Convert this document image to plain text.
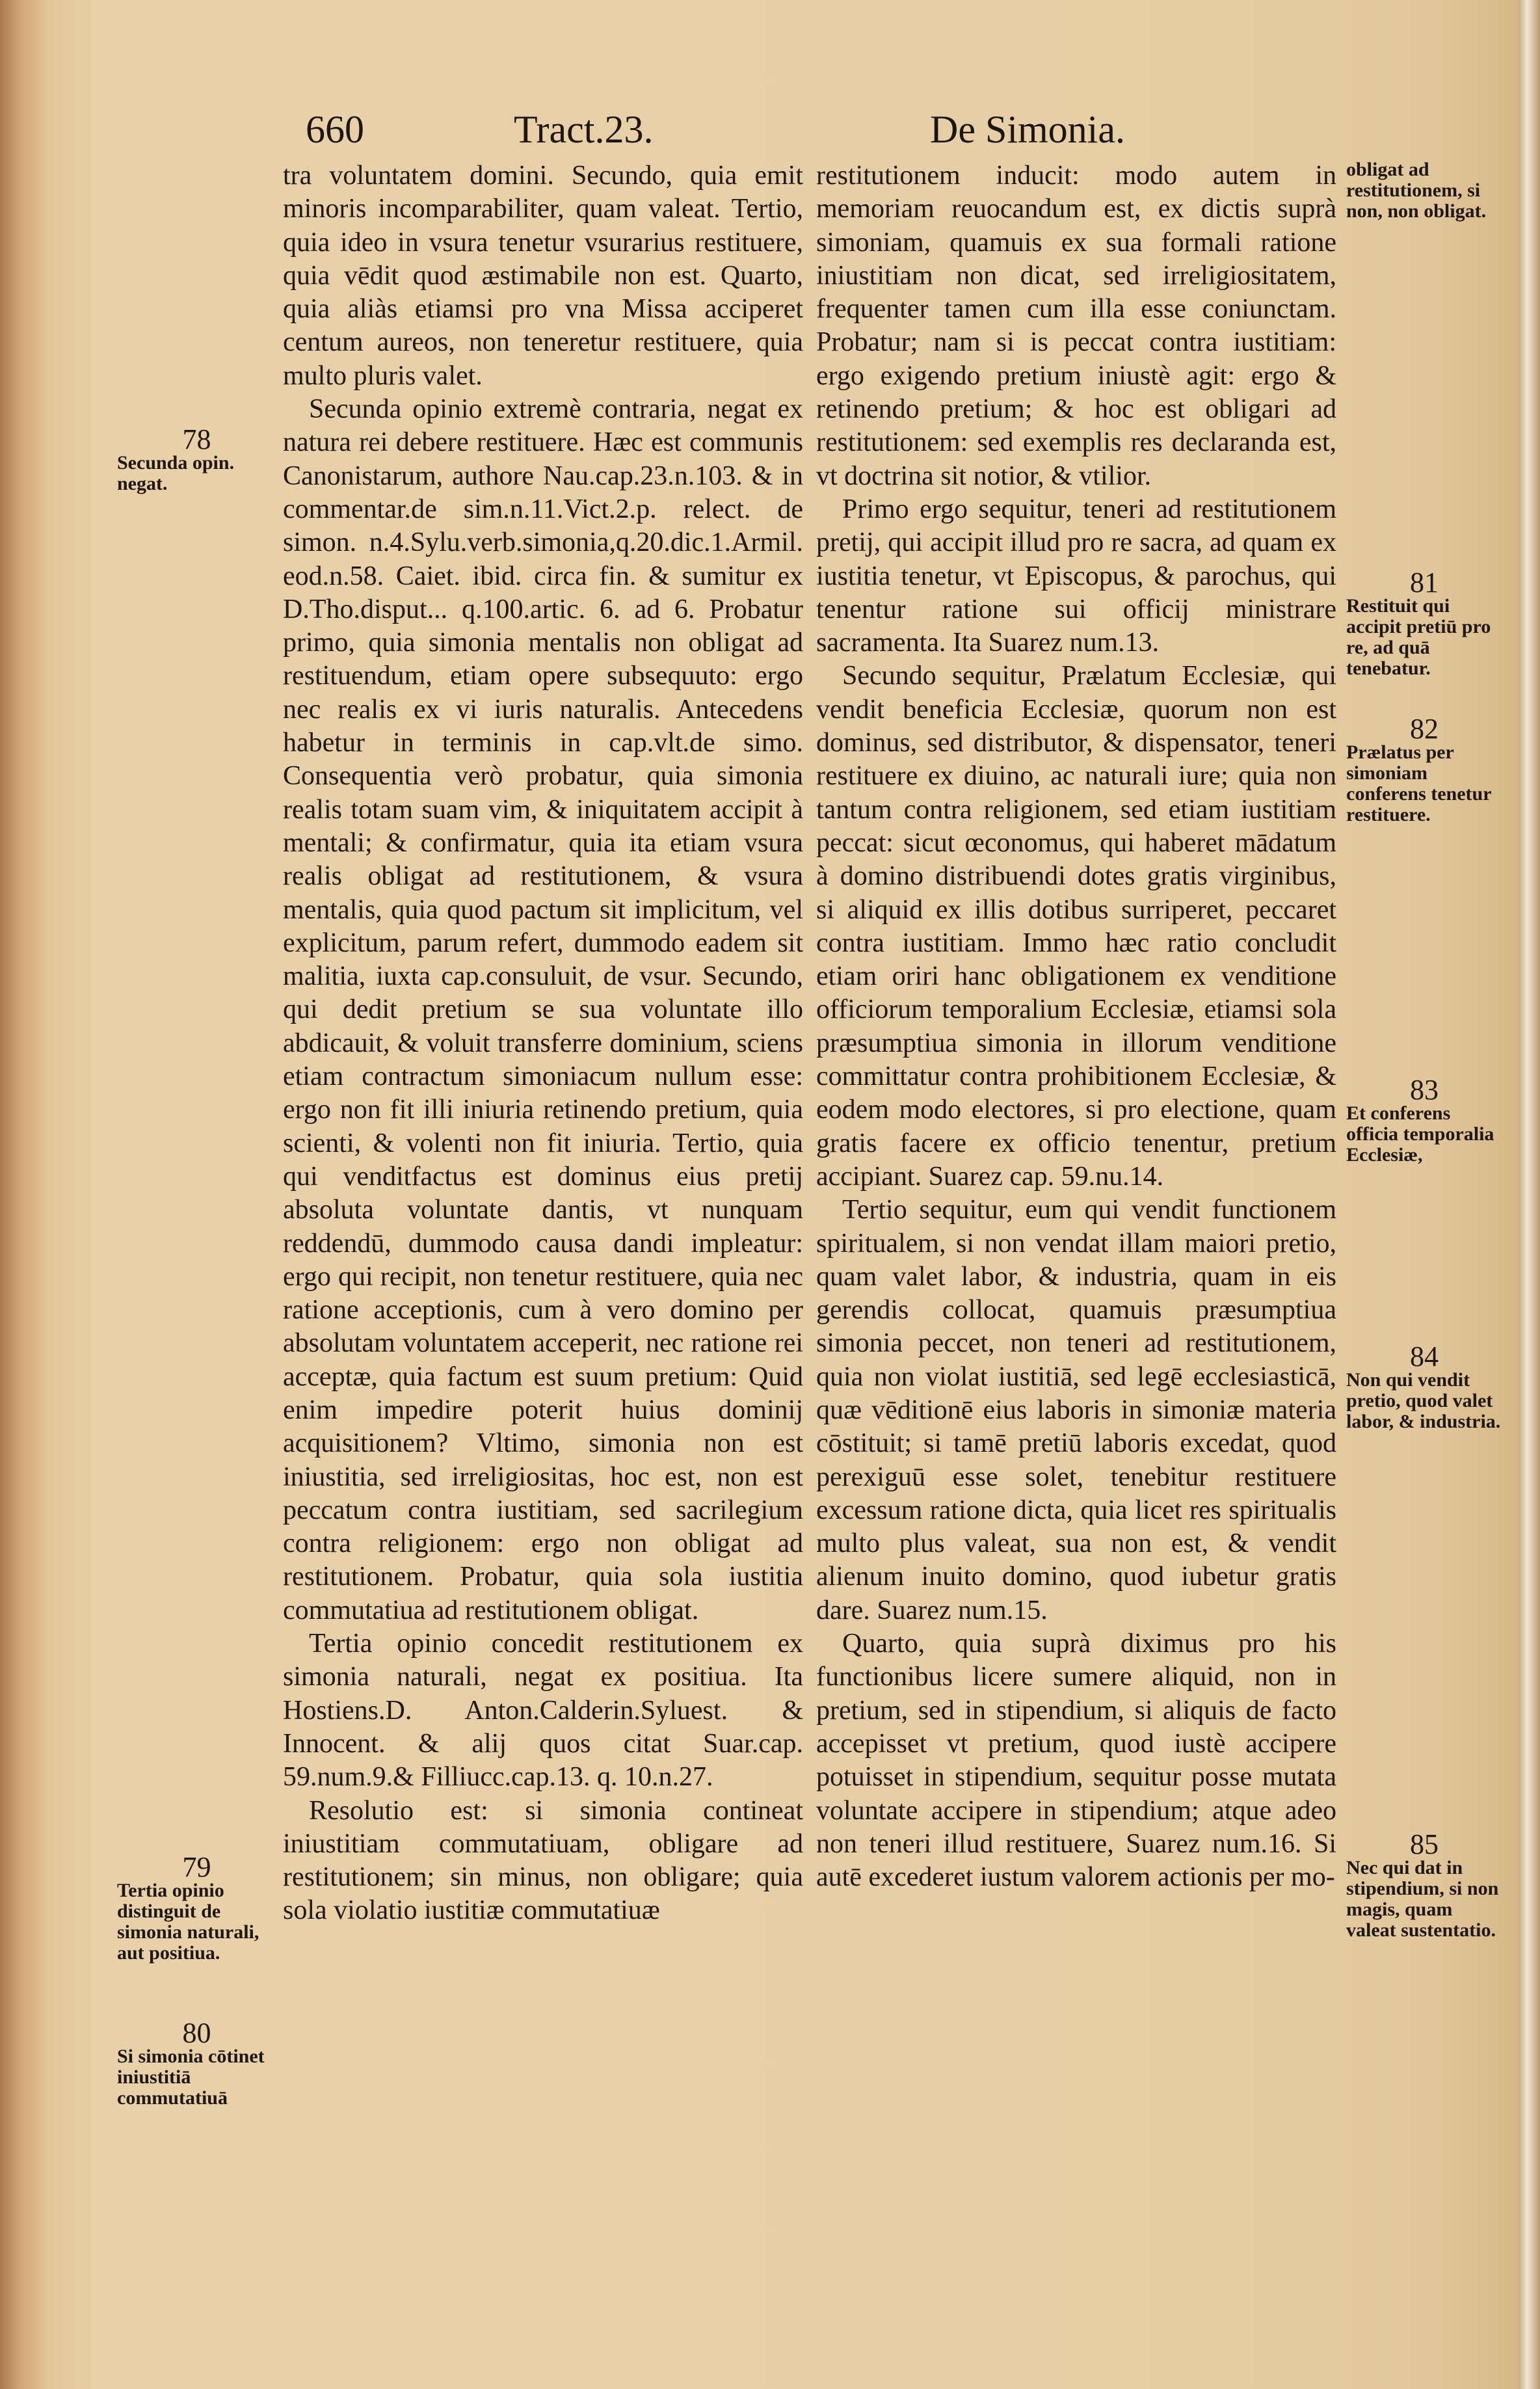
660	Tract.23.	De Simonia.

tra voluntatem domini. Secundo, quia emit minoris incomparabiliter, quam valeat. Tertio, quia ideo in vsura tenetur vsurarius restituere, quia vēdit quod æstimabile non est. Quarto, quia aliàs etiamsi pro vna Missa acciperet centum aureos, non teneretur restituere, quia multo pluris valet.

Secunda opinio extremè contraria, negat ex natura rei debere restituere. Hæc est communis Canonistarum, authore Nau.cap.23.n.103. & in commentar.de sim.n.11.Vict.2.p. relect. de simon. n.4.Sylu.verb.simonia,q.20.dic.1.Armil. eod.n.58. Caiet. ibid. circa fin. & sumitur ex D.Tho.disput... q.100.artic. 6. ad 6. Probatur primo, quia simonia mentalis non obligat ad restituendum, etiam opere subsequuto: ergo nec realis ex vi iuris naturalis. Antecedens habetur in terminis in cap.vlt.de simo. Consequentia verò probatur, quia simonia realis totam suam vim, & iniquitatem accipit à mentali; & confirmatur, quia ita etiam vsura realis obligat ad restitutionem, & vsura mentalis, quia quod pactum sit implicitum, vel explicitum, parum refert, dummodo eadem sit malitia, iuxta cap.consuluit, de vsur. Secundo, qui dedit pretium se sua voluntate illo abdicauit, & voluit transferre dominium, sciens etiam contractum simoniacum nullum esse: ergo non fit illi iniuria retinendo pretium, quia scienti, & volenti non fit iniuria. Tertio, quia qui venditfactus est dominus eius pretij absoluta voluntate dantis, vt nunquam reddendū, dummodo causa dandi impleatur: ergo qui recipit, non tenetur restituere, quia nec ratione acceptionis, cum à vero domino per absolutam voluntatem acceperit, nec ratione rei acceptæ, quia factum est suum pretium: Quid enim impedire poterit huius dominij acquisitionem? Vltimo, simonia non est iniustitia, sed irreligiositas, hoc est, non est peccatum contra iustitiam, sed sacrilegium contra religionem: ergo non obligat ad restitutionem. Probatur, quia sola iustitia commutatiua ad restitutionem obligat.

Tertia opinio concedit restitutionem ex simonia naturali, negat ex positiua. Ita Hostiens.D. Anton.Calderin.Syluest. & Innocent. & alij quos citat Suar.cap. 59.num.9.& Filliucc.cap.13. q. 10.n.27.

Resolutio est: si simonia contineat iniustitiam commutatiuam, obligare ad restitutionem; sin minus, non obligare; quia sola violatio iustitiæ commutatiuæ

restitutionem inducit: modo autem in memoriam reuocandum est, ex dictis suprà simoniam, quamuis ex sua formali ratione iniustitiam non dicat, sed irreligiositatem, frequenter tamen cum illa esse coniunctam. Probatur; nam si is peccat contra iustitiam: ergo exigendo pretium iniustè agit: ergo & retinendo pretium; & hoc est obligari ad restitutionem: sed exemplis res declaranda est, vt doctrina sit notior, & vtilior.

Primo ergo sequitur, teneri ad restitutionem pretij, qui accipit illud pro re sacra, ad quam ex iustitia tenetur, vt Episcopus, & parochus, qui tenentur ratione sui officij ministrare sacramenta. Ita Suarez num.13.

Secundo sequitur, Prælatum Ecclesiæ, qui vendit beneficia Ecclesiæ, quorum non est dominus, sed distributor, & dispensator, teneri restituere ex diuino, ac naturali iure; quia non tantum contra religionem, sed etiam iustitiam peccat: sicut œconomus, qui haberet mādatum à domino distribuendi dotes gratis virginibus, si aliquid ex illis dotibus surriperet, peccaret contra iustitiam. Immo hæc ratio concludit etiam oriri hanc obligationem ex venditione officiorum temporalium Ecclesiæ, etiamsi sola præsumptiua simonia in illorum venditione committatur contra prohibitionem Ecclesiæ, & eodem modo electores, si pro electione, quam gratis facere ex officio tenentur, pretium accipiant. Suarez cap. 59.nu.14.

Tertio sequitur, eum qui vendit functionem spiritualem, si non vendat illam maiori pretio, quam valet labor, & industria, quam in eis gerendis collocat, quamuis præsumptiua simonia peccet, non teneri ad restitutionem, quia non violat iustitiā, sed legē ecclesiasticā, quæ vēditionē eius laboris in simoniæ materia cōstituit; si tamē pretiū laboris excedat, quod perexiguū esse solet, tenebitur restituere excessum ratione dicta, quia licet res spiritualis multo plus valeat, sua non est, & vendit alienum inuito domino, quod iubetur gratis dare. Suarez num.15.

Quarto, quia suprà diximus pro his functionibus licere sumere aliquid, non in pretium, sed in stipendium, si aliquis de facto accepisset vt pretium, quod iustè accipere potuisset in stipendium, sequitur posse mutata voluntate accipere in stipendium; atque adeo non teneri illud restituere, Suarez num.16. Si autē excederet iustum valorem actionis per mo-

78
Secunda opin. negat.
79
Tertia opinio distinguit de simonia naturali, aut positiua.
80
Si simonia cōtinet iniustitiā commutatiuā
obligat ad restitutionem, si non, non obligat.
81
Restituit qui accipit pretiū pro re, ad quā tenebatur.
82
Prælatus per simoniam conferens tenetur restituere.
83
Et conferens officia temporalia Ecclesiæ,
84
Non qui vendit pretio, quod valet labor, & industria.
85
Nec qui dat in stipendium, si non magis, quam valeat sustentatio.
